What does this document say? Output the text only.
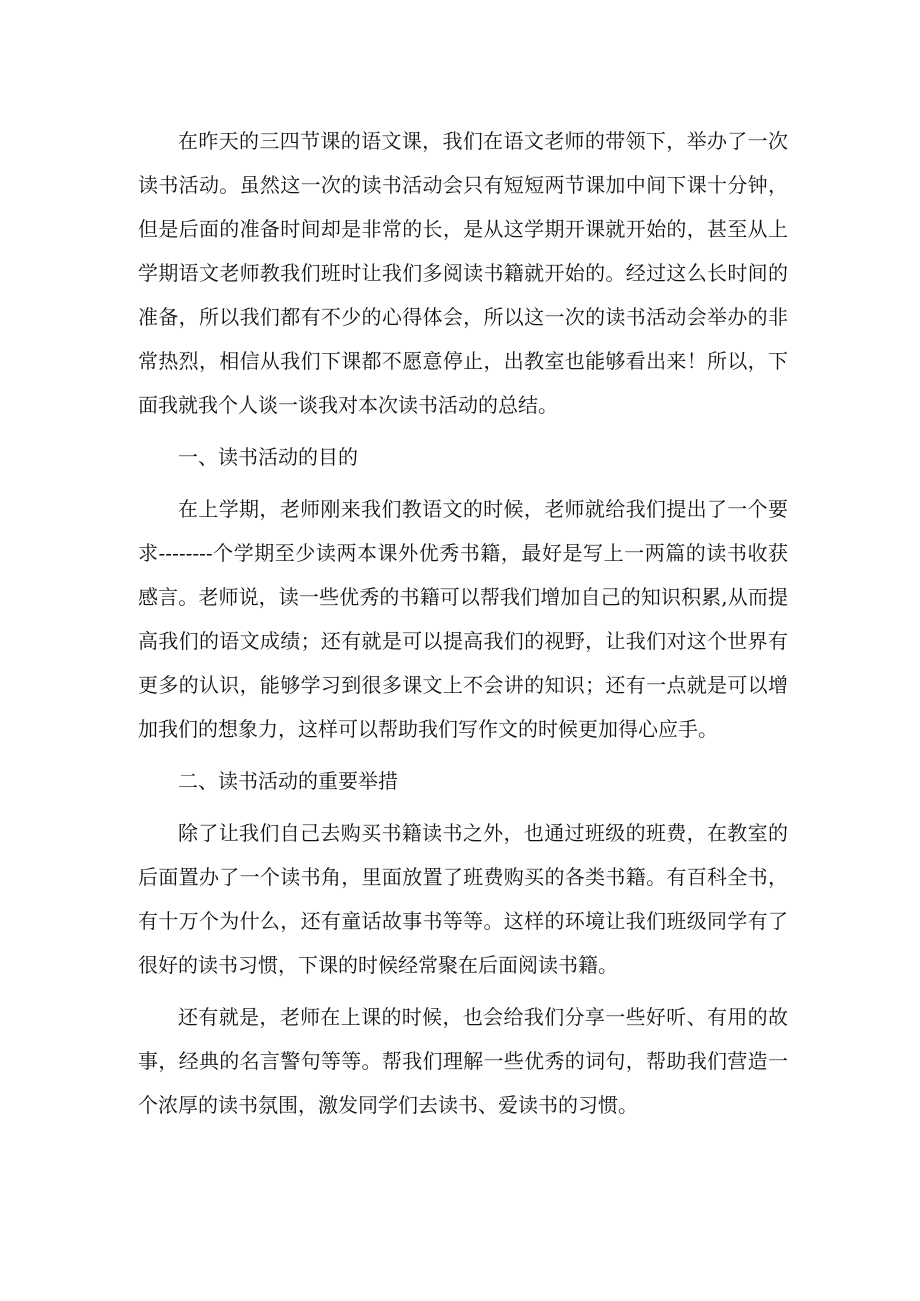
在昨天的三四节课的语文课，我们在语文老师的带领下，举办了一次读书活动。虽然这一次的读书活动会只有短短两节课加中间下课十分钟，但是后面的准备时间却是非常的长，是从这学期开课就开始的，甚至从上学期语文老师教我们班时让我们多阅读书籍就开始的。经过这么长时间的准备，所以我们都有不少的心得体会，所以这一次的读书活动会举办的非常热烈，相信从我们下课都不愿意停止，出教室也能够看出来！所以，下面我就我个人谈一谈我对本次读书活动的总结。

一、读书活动的目的

在上学期，老师刚来我们教语文的时候，老师就给我们提出了一个要求--------个学期至少读两本课外优秀书籍，最好是写上一两篇的读书收获感言。老师说，读一些优秀的书籍可以帮我们增加自己的知识积累,从而提高我们的语文成绩；还有就是可以提高我们的视野，让我们对这个世界有更多的认识，能够学习到很多课文上不会讲的知识；还有一点就是可以增加我们的想象力，这样可以帮助我们写作文的时候更加得心应手。

二、读书活动的重要举措

除了让我们自己去购买书籍读书之外，也通过班级的班费，在教室的后面置办了一个读书角，里面放置了班费购买的各类书籍。有百科全书，有十万个为什么，还有童话故事书等等。这样的环境让我们班级同学有了很好的读书习惯，下课的时候经常聚在后面阅读书籍。

还有就是，老师在上课的时候，也会给我们分享一些好听、有用的故事，经典的名言警句等等。帮我们理解一些优秀的词句，帮助我们营造一个浓厚的读书氛围，激发同学们去读书、爱读书的习惯。
